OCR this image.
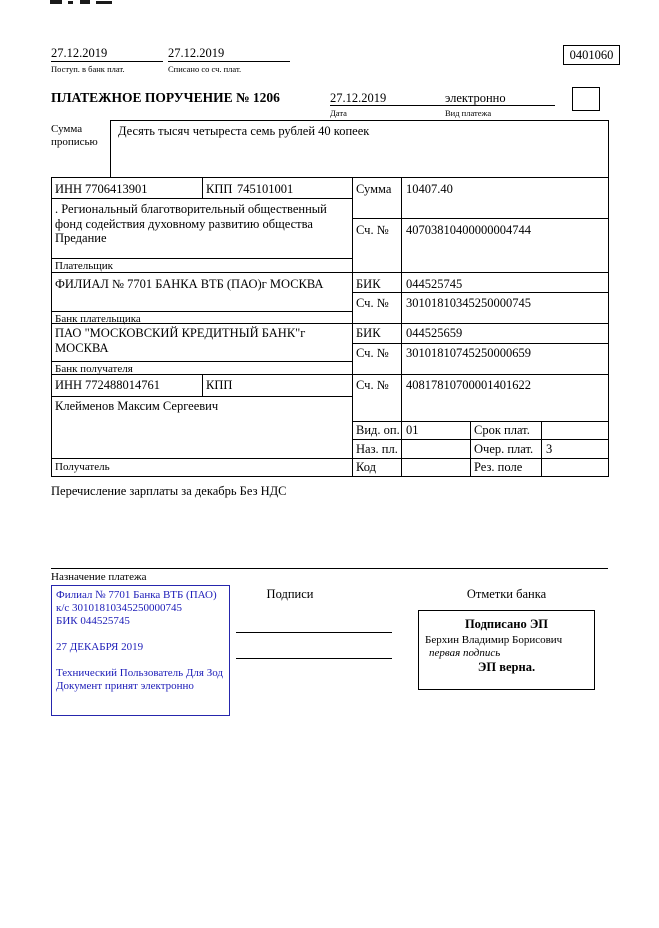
27.12.2019
Поступ. в банк плат.
27.12.2019
Списано со сч. плат.
0401060
ПЛАТЕЖНОЕ ПОРУЧЕНИЕ № 1206	27.12.2019	электронно
Дата	Вид платежа
Сумма прописью
Десять тысяч четыреста семь рублей 40 копеек
ИНН 7706413901	КПП 745101001	Сумма 10407.40
. Региональный благотворительный общественный фонд содействия духовному развитию общества Предание
Сч. № 40703810400000004744
Плательщик
ФИЛИАЛ № 7701 БАНКА ВТБ (ПАО)г МОСКВА	БИК 044525745
Сч. № 30101810345250000745
Банк плательщика
ПАО "МОСКОВСКИЙ КРЕДИТНЫЙ БАНК"г МОСКВА
БИК 044525659
Сч. № 30101810745250000659
Банк получателя
ИНН 772488014761	КПП	Сч. № 40817810700001401622
Клейменов Максим Сергеевич
Вид. оп. 01	Срок плат.
Наз. пл.	Очер. плат. 3
Код	Рез. поле
Получатель
Перечисление зарплаты за декабрь Без НДС
Назначение платежа
Филиал № 7701 Банка ВТБ (ПАО)
к/с 30101810345250000745
БИК 044525745
27 ДЕКАБРЯ 2019
Технический Пользователь Для Зод
Документ принят электронно
Подписи	Отметки банка
Подписано ЭП
Берхин Владимир Борисович
первая подпись
ЭП верна.
